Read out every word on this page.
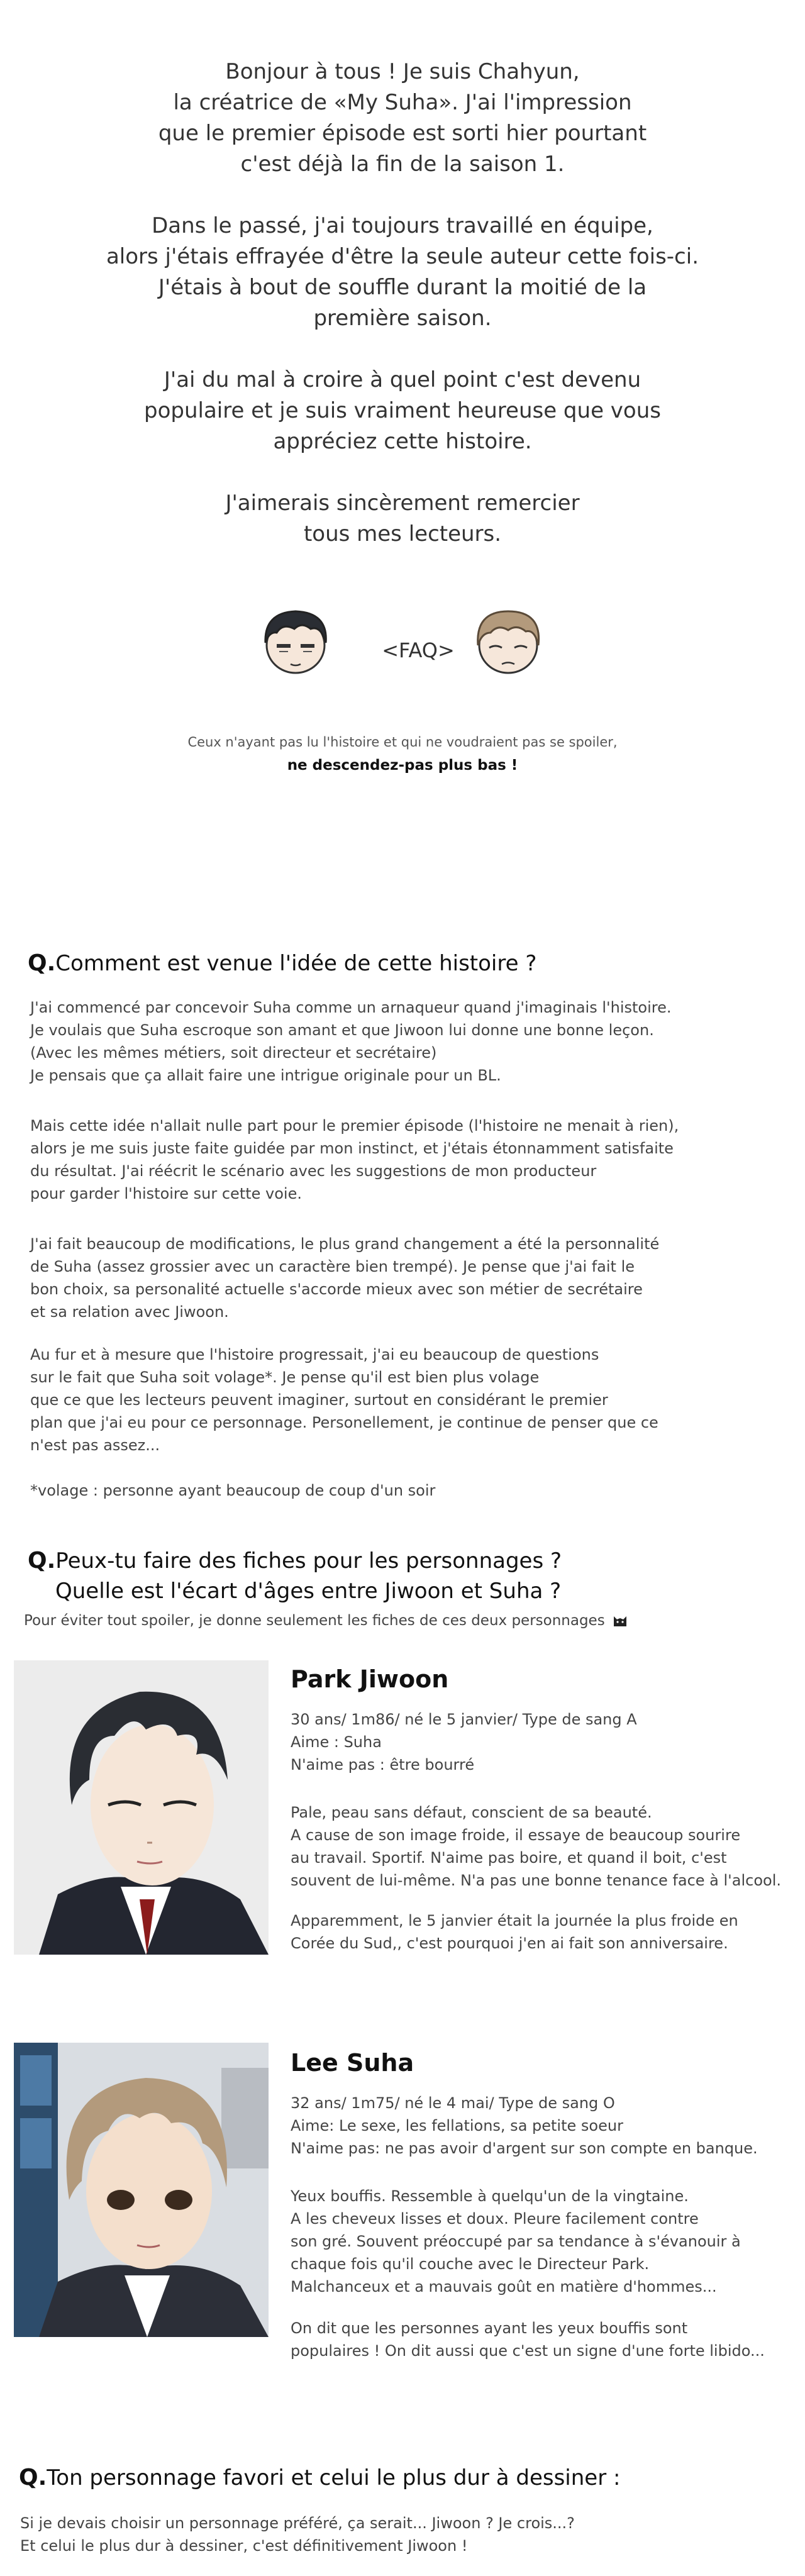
Bonjour à tous ! Je suis Chahyun,
la créatrice de «My Suha». J'ai l'impression
que le premier épisode est sorti hier pourtant
c'est déjà la fin de la saison 1.

Dans le passé, j'ai toujours travaillé en équipe,
alors j'étais effrayée d'être la seule auteur cette fois-ci.
J'étais à bout de souffle durant la moitié de la
première saison.

J'ai du mal à croire à quel point c'est devenu
populaire et je suis vraiment heureuse que vous
appréciez cette histoire.

J'aimerais sincèrement remercier
tous mes lecteurs.

<FAQ>
Ceux n'ayant pas lu l'histoire et qui ne voudraient pas se spoiler,
ne descendez-pas plus bas !
Q.Comment est venue l'idée de cette histoire ?

J'ai commencé par concevoir Suha comme un arnaqueur quand j'imaginais l'histoire.
Je voulais que Suha escroque son amant et que Jiwoon lui donne une bonne leçon.
(Avec les mêmes métiers, soit directeur et secrétaire)
Je pensais que ça allait faire une intrigue originale pour un BL.

Mais cette idée n'allait nulle part pour le premier épisode (l'histoire ne menait à rien),
alors je me suis juste faite guidée par mon instinct, et j'étais étonnamment satisfaite
du résultat. J'ai réécrit le scénario avec les suggestions de mon producteur
pour garder l'histoire sur cette voie.

J'ai fait beaucoup de modifications, le plus grand changement a été la personnalité
de Suha (assez grossier avec un caractère bien trempé). Je pense que j'ai fait le
bon choix, sa personalité actuelle s'accorde mieux avec son métier de secrétaire
et sa relation avec Jiwoon.

Au fur et à mesure que l'histoire progressait, j'ai eu beaucoup de questions
sur le fait que Suha soit volage*. Je pense qu'il est bien plus volage
que ce que les lecteurs peuvent imaginer, surtout en considérant le premier
plan que j'ai eu pour ce personnage. Personellement, je continue de penser que ce
n'est pas assez...

*volage : personne ayant beaucoup de coup d'un soir

Q.Peux-tu faire des fiches pour les personnages ?
Quelle est l'écart d'âges entre Jiwoon et Suha ?
Pour éviter tout spoiler, je donne seulement les fiches de ces deux personnages
Park Jiwoon

30 ans/ 1m86/ né le 5 janvier/ Type de sang A
Aime : Suha
N'aime pas : être bourré

Pale, peau sans défaut, conscient de sa beauté.
A cause de son image froide, il essaye de beaucoup sourire
au travail. Sportif. N'aime pas boire, et quand il boit, c'est
souvent de lui-même. N'a pas une bonne tenance face à l'alcool.

Apparemment, le 5 janvier était la journée la plus froide en
Corée du Sud,, c'est pourquoi j'en ai fait son anniversaire.

Lee Suha

32 ans/ 1m75/ né le 4 mai/ Type de sang O
Aime: Le sexe, les fellations, sa petite soeur
N'aime pas: ne pas avoir d'argent sur son compte en banque.

Yeux bouffis. Ressemble à quelqu'un de la vingtaine.
A les cheveux lisses et doux. Pleure facilement contre
son gré. Souvent préoccupé par sa tendance à s'évanouir à
chaque fois qu'il couche avec le Directeur Park.
Malchanceux et a mauvais goût en matière d'hommes...

On dit que les personnes ayant les yeux bouffis sont
populaires ! On dit aussi que c'est un signe d'une forte libido...

Q.Ton personnage favori et celui le plus dur à dessiner :

Si je devais choisir un personnage préféré, ça serait... Jiwoon ? Je crois...?
Et celui le plus dur à dessiner, c'est définitivement Jiwoon !
